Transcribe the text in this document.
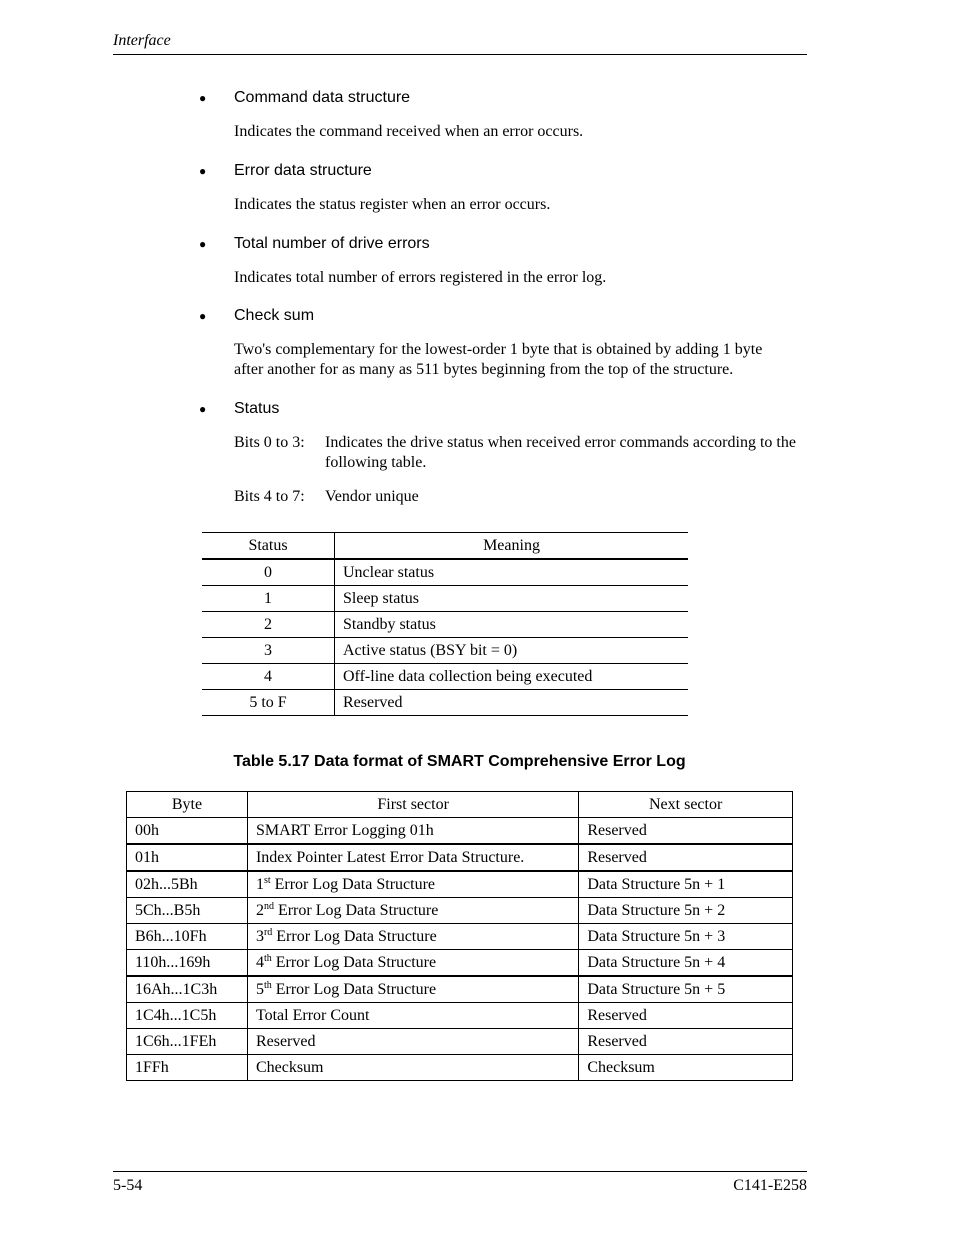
Interface
● Command data structure
Indicates the command received when an error occurs.
● Error data structure
Indicates the status register when an error occurs.
● Total number of drive errors
Indicates total number of errors registered in the error log.
● Check sum
Two's complementary for the lowest-order 1 byte that is obtained by adding 1 byte after another for as many as 511 bytes beginning from the top of the structure.
● Status
Bits 0 to 3:	Indicates the drive status when received error commands according to the following table.
Bits 4 to 7:	Vendor unique
Status	Meaning
0	Unclear status
1	Sleep status
2	Standby status
3	Active status (BSY bit = 0)
4	Off-line data collection being executed
5 to F	Reserved
Table 5.17 Data format of SMART Comprehensive Error Log
Byte	First sector	Next sector
00h	SMART Error Logging 01h	Reserved
01h	Index Pointer Latest Error Data Structure.	Reserved
02h...5Bh	1st Error Log Data Structure	Data Structure 5n + 1
5Ch...B5h	2nd Error Log Data Structure	Data Structure 5n + 2
B6h...10Fh	3rd Error Log Data Structure	Data Structure 5n + 3
110h...169h	4th Error Log Data Structure	Data Structure 5n + 4
16Ah...1C3h	5th Error Log Data Structure	Data Structure 5n + 5
1C4h...1C5h	Total Error Count	Reserved
1C6h...1FEh	Reserved	Reserved
1FFh	Checksum	Checksum
5-54	C141-E258
